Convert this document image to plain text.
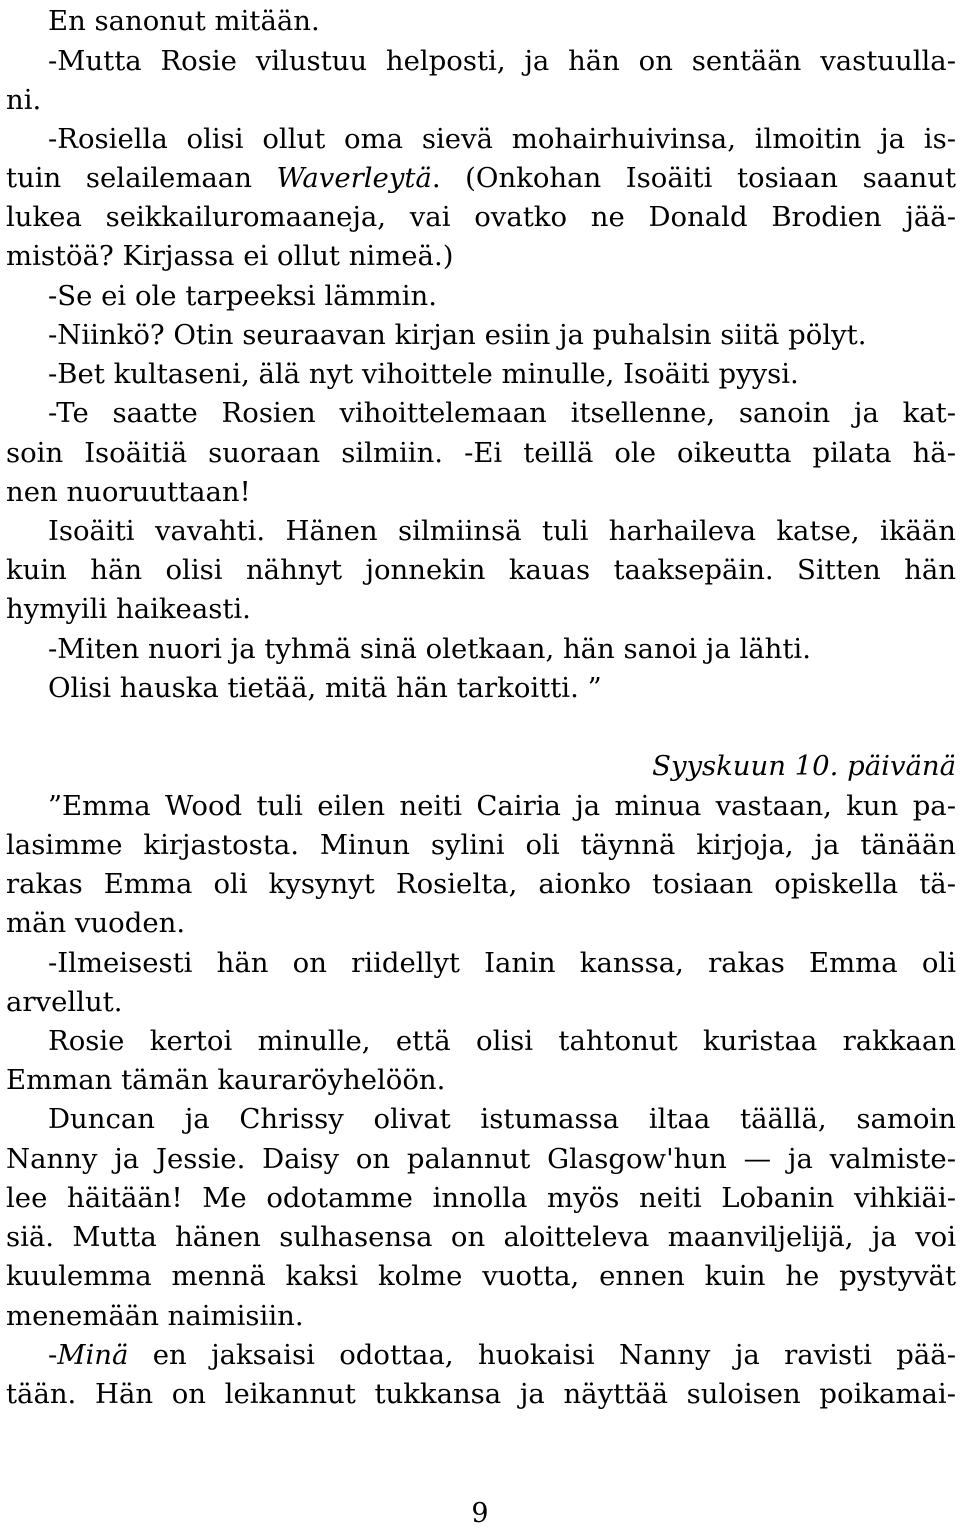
En sanonut mitään.
-Mutta Rosie vilustuu helposti, ja hän on sentään vastuulla-
ni.
-Rosiella olisi ollut oma sievä mohairhuivinsa, ilmoitin ja is-
tuin selailemaan Waverleytä. (Onkohan Isoäiti tosiaan saanut
lukea seikkailuromaaneja, vai ovatko ne Donald Brodien jää-
mistöä? Kirjassa ei ollut nimeä.)
-Se ei ole tarpeeksi lämmin.
-Niinkö? Otin seuraavan kirjan esiin ja puhalsin siitä pölyt.
-Bet kultaseni, älä nyt vihoittele minulle, Isoäiti pyysi.
-Te saatte Rosien vihoittelemaan itsellenne, sanoin ja kat-
soin Isoäitiä suoraan silmiin. -Ei teillä ole oikeutta pilata hä-
nen nuoruuttaan!
Isoäiti vavahti. Hänen silmiinsä tuli harhaileva katse, ikään
kuin hän olisi nähnyt jonnekin kauas taaksepäin. Sitten hän
hymyili haikeasti.
-Miten nuori ja tyhmä sinä oletkaan, hän sanoi ja lähti.
Olisi hauska tietää, mitä hän tarkoitti. ”
Syyskuun 10. päivänä
”Emma Wood tuli eilen neiti Cairia ja minua vastaan, kun pa-
lasimme kirjastosta. Minun sylini oli täynnä kirjoja, ja tänään
rakas Emma oli kysynyt Rosielta, aionko tosiaan opiskella tä-
män vuoden.
-Ilmeisesti hän on riidellyt Ianin kanssa, rakas Emma oli
arvellut.
Rosie kertoi minulle, että olisi tahtonut kuristaa rakkaan
Emman tämän kauraröyhelöön.
Duncan ja Chrissy olivat istumassa iltaa täällä, samoin
Nanny ja Jessie. Daisy on palannut Glasgow'hun — ja valmiste-
lee häitään! Me odotamme innolla myös neiti Lobanin vihkiäi-
siä. Mutta hänen sulhasensa on aloitteleva maanviljelijä, ja voi
kuulemma mennä kaksi kolme vuotta, ennen kuin he pystyvät
menemään naimisiin.
-Minä en jaksaisi odottaa, huokaisi Nanny ja ravisti pää-
tään. Hän on leikannut tukkansa ja näyttää suloisen poikamai-
9
